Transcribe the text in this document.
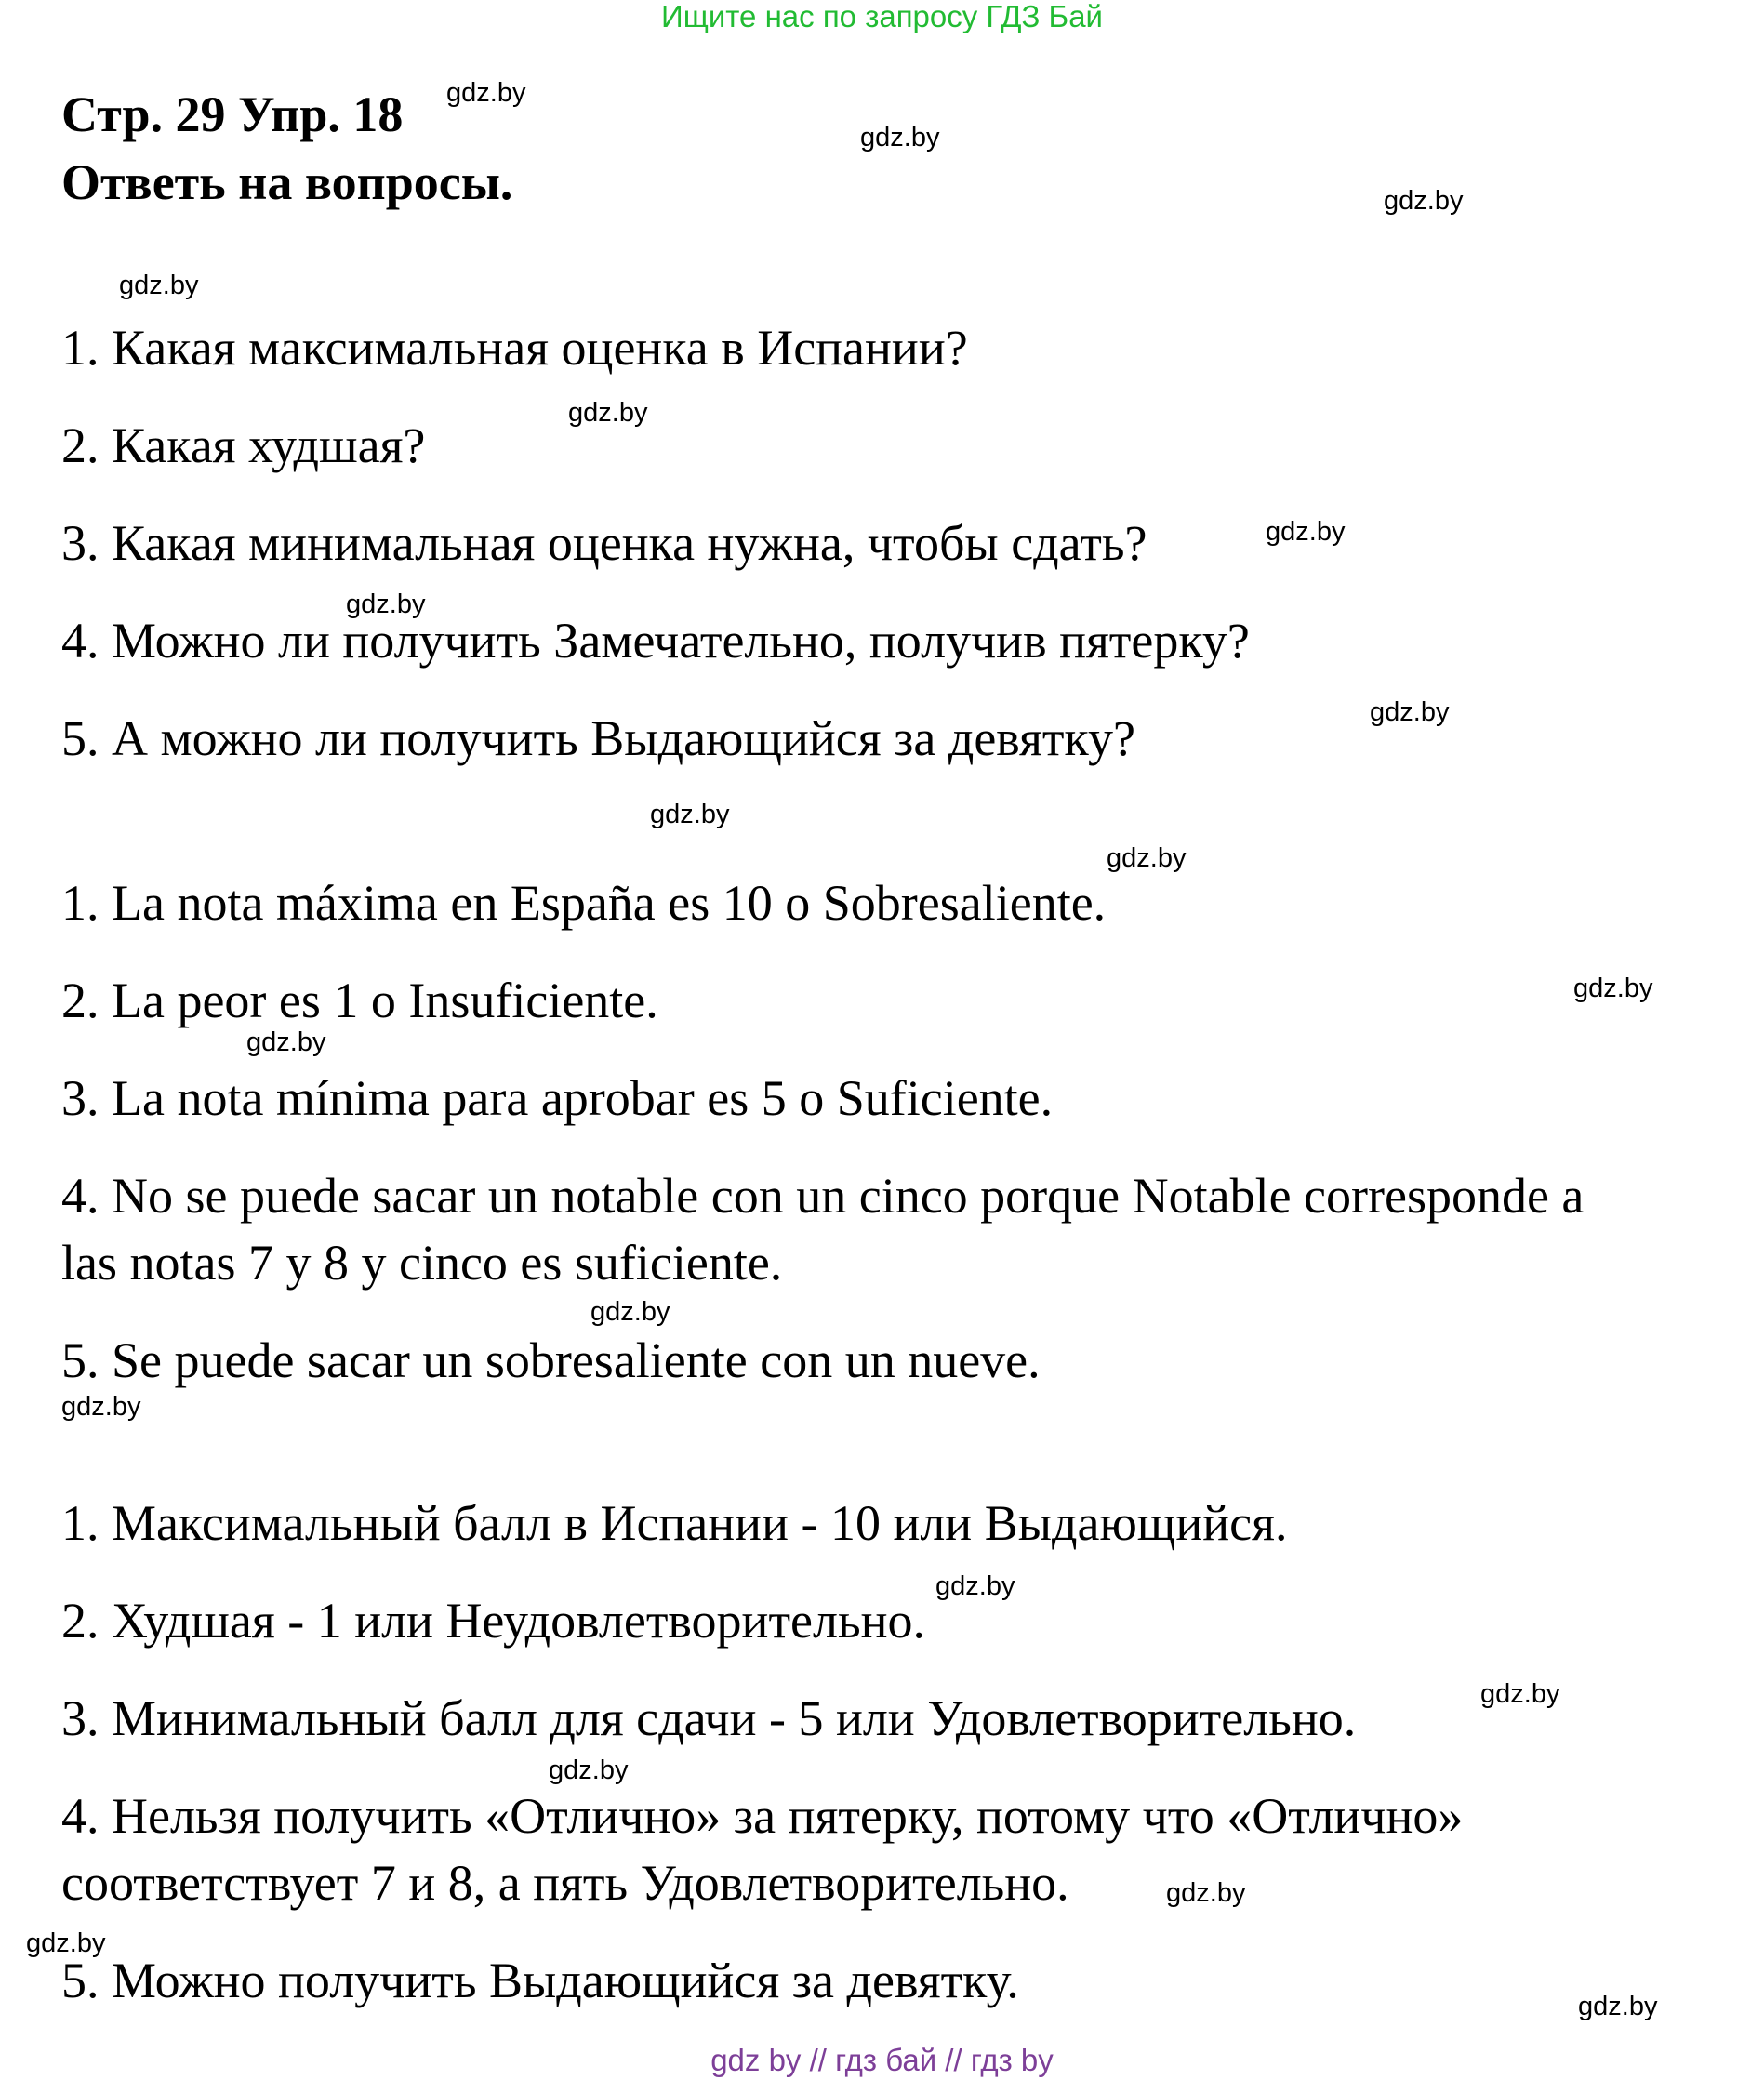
Ищите нас по запросу ГДЗ Бай
Стр. 29 Упр. 18
Ответь на вопросы.
1. Какая максимальная оценка в Испании?
2. Какая худшая?
3. Какая минимальная оценка нужна, чтобы сдать?
4. Можно ли получить Замечательно, получив пятерку?
5. А можно ли получить Выдающийся за девятку?
1. La nota máxima en España es 10 o Sobresaliente.
2. La peor es 1 o Insuficiente.
3. La nota mínima para aprobar es 5 o Suficiente.
4. No se puede sacar un notable con un cinco porque Notable corresponde a
las notas 7 y 8 y cinco es suficiente.
5. Se puede sacar un sobresaliente con un nueve.
1. Максимальный балл в Испании - 10 или Выдающийся.
2. Худшая - 1 или Неудовлетворительно.
3. Минимальный балл для сдачи - 5 или Удовлетворительно.
4. Нельзя получить «Отлично» за пятерку, потому что «Отлично»
соответствует 7 и 8, а пять Удовлетворительно.
5. Можно получить Выдающийся за девятку.
gdz.by
gdz.by
gdz.by
gdz.by
gdz.by
gdz.by
gdz.by
gdz.by
gdz.by
gdz.by
gdz.by
gdz.by
gdz.by
gdz.by
gdz.by
gdz.by
gdz.by
gdz.by
gdz.by
gdz.by
gdz by // гдз бай // гдз by
